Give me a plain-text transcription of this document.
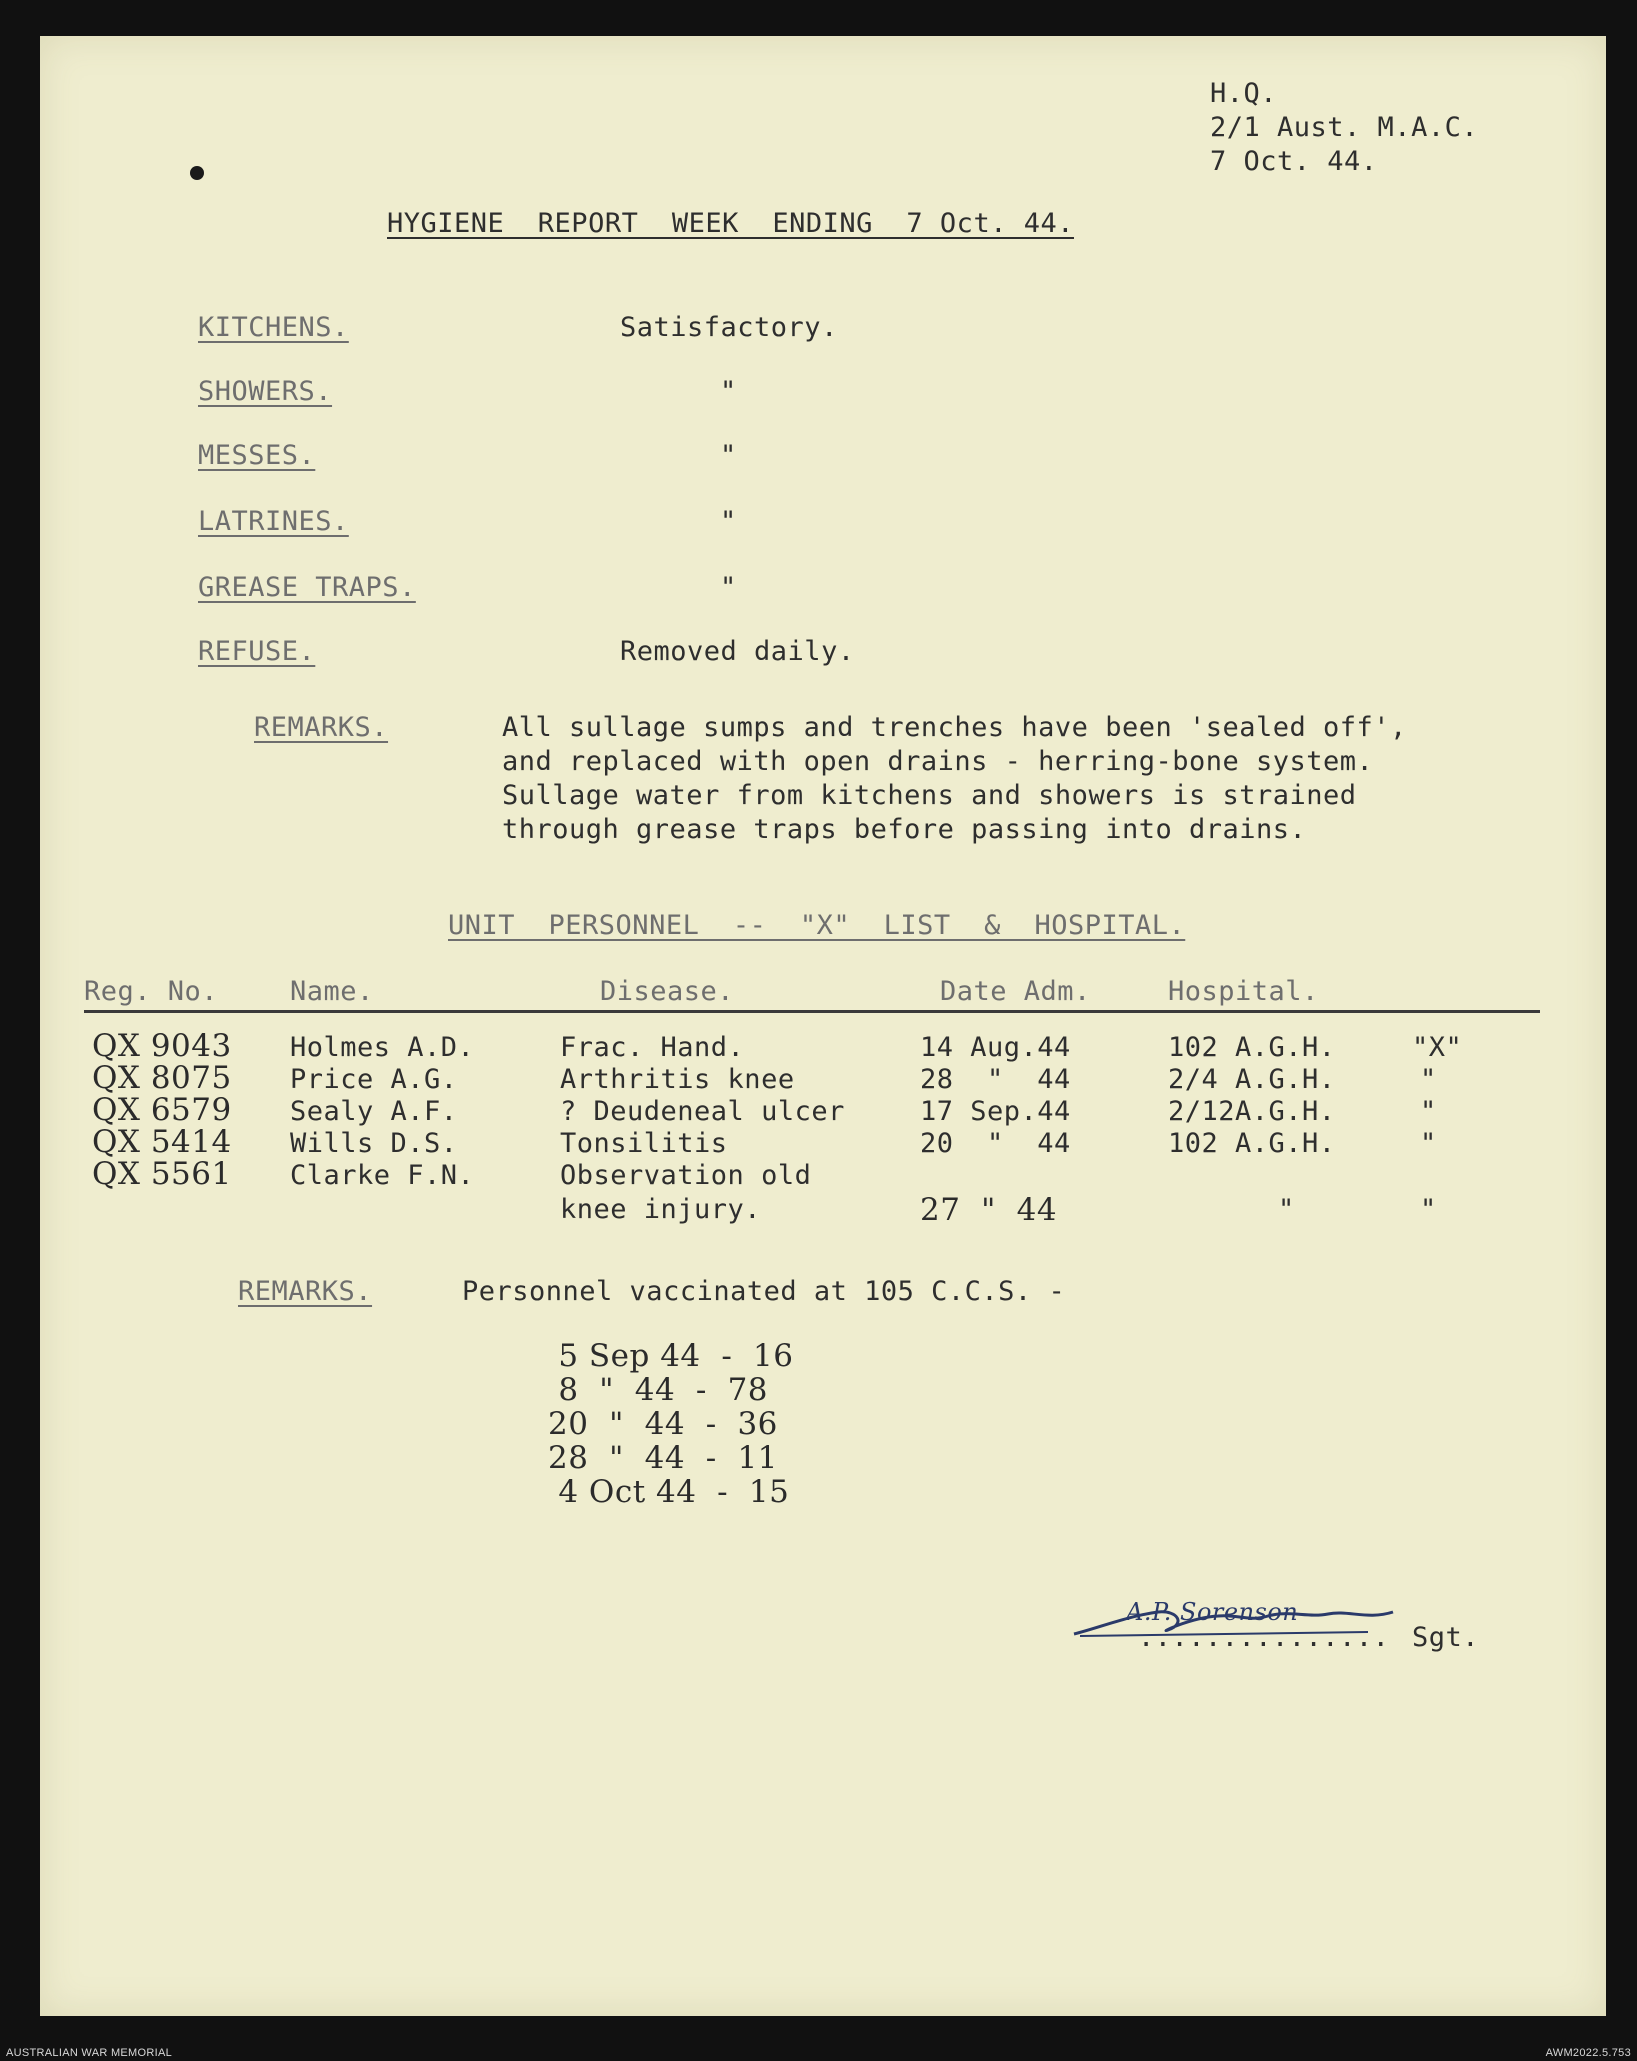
H.Q.
2/1 Aust. M.A.C.
7 Oct. 44.
HYGIENE  REPORT  WEEK  ENDING  7 Oct. 44.
KITCHENS.	Satisfactory.
SHOWERS.	"
MESSES.	"
LATRINES.	"
GREASE TRAPS.	"
REFUSE.	Removed daily.
REMARKS.	All sullage sumps and trenches have been 'sealed off',
and replaced with open drains - herring-bone system.
Sullage water from kitchens and showers is strained
through grease traps before passing into drains.
UNIT  PERSONNEL  --  "X"  LIST  &  HOSPITAL.
Reg. No.	Name.	Disease.	Date Adm.	Hospital.
QX 9043 Holmes A.D.	Frac. Hand.	14 Aug.44	102 A.G.H.	"X"
QX 8075 Price A.G.	Arthritis knee	28  "  44	2/4 A.G.H.	"
QX 6579 Sealy A.F.	? Deudeneal ulcer	17 Sep.44	2/12A.G.H.	"
QX 5414 Wills D.S.	Tonsilitis	20  "  44	102 A.G.H.	"
QX 5561 Clarke F.N.	Observation old
knee injury.	27  "  44	"	"
REMARKS.	Personnel vaccinated at 105 C.C.S. -
5 Sep 44  -  16
8  "  44  -  78
20  "  44  -  36
28  "  44  -  11
4 Oct 44  -  15
A.P. Sorenson
............... Sgt.
AUSTRALIAN WAR MEMORIAL	AWM2022.5.753
